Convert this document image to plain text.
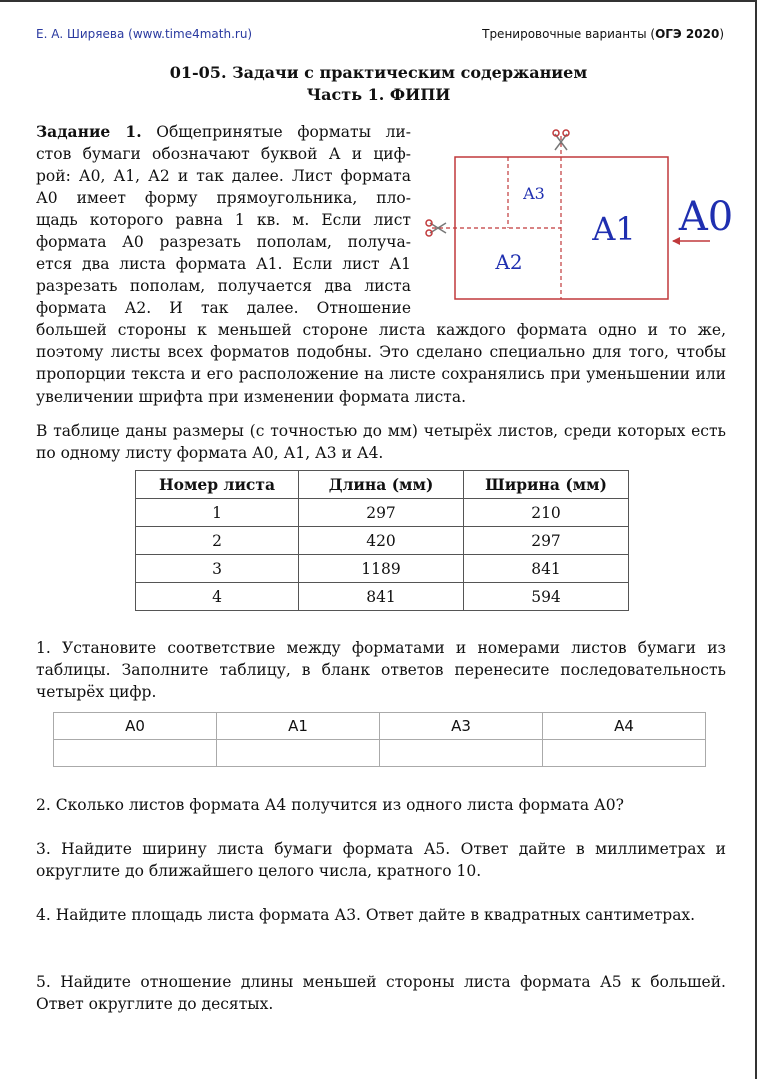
Е. А. Ширяева (www.time4math.ru)	Тренировочные варианты (ОГЭ 2020)
01-05. Задачи с практическим содержанием
Часть 1. ФИПИ
Задание 1. Общепринятые форматы ли-
стов бумаги обозначают буквой А и циф-
рой: А0, А1, А2 и так далее. Лист формата
А0 имеет форму прямоугольника, пло-
щадь которого равна 1 кв. м. Если лист
формата А0 разрезать пополам, получа-
ется два листа формата А1. Если лист А1
разрезать пополам, получается два листа
формата А2. И так далее. Отношение
большей стороны к меньшей стороне листа каждого формата одно и то же, поэтому листы всех форматов подобны. Это сделано специально для того, чтобы пропорции текста и его расположение на листе сохранялись при уменьшении или увеличении шрифта при изменении формата листа.
A3
A2
A1 A0
В таблице даны размеры (с точностью до мм) четырёх листов, среди которых есть по одному листу формата А0, А1, А3 и А4.
Номер листа	Длина (мм)	Ширина (мм)
1	297	210
2	420	297
3	1189	841
4	841	594
1. Установите соответствие между форматами и номерами листов бумаги из таблицы. Заполните таблицу, в бланк ответов перенесите последовательность четырёх цифр.
A0	A1	A3	A4

2. Сколько листов формата А4 получится из одного листа формата А0?
3. Найдите ширину листа бумаги формата А5. Ответ дайте в миллиметрах и округлите до ближайшего целого числа, кратного 10.
4. Найдите площадь листа формата А3. Ответ дайте в квадратных сантиметрах.
5. Найдите отношение длины меньшей стороны листа формата А5 к большей. Ответ округлите до десятых.
